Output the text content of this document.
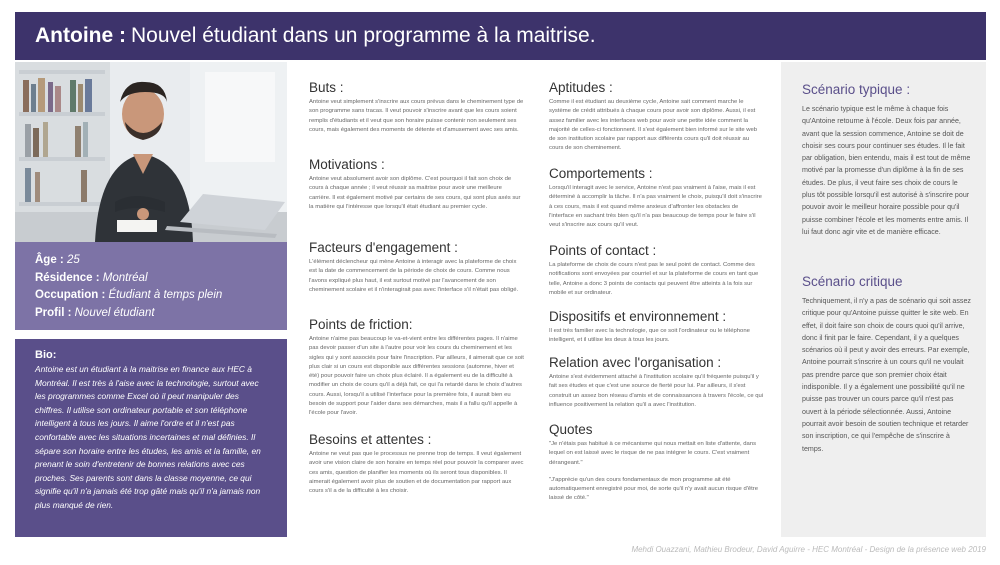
Antoine : Nouvel étudiant dans un programme à la maitrise.
Âge : 25
Résidence : Montréal
Occupation : Étudiant à temps plein
Profil : Nouvel étudiant
Bio:
Antoine est un étudiant à la maitrise en finance aux HEC à Montréal. Il est très à l'aise avec la technologie, surtout avec les programmes comme Excel où il peut manipuler des chiffres. Il utilise son ordinateur portable et son téléphone intelligent à tous les jours. Il aime l'ordre et il n'est pas confortable avec les situations incertaines et mal définies. Il sépare son horaire entre les études, les amis et la famille, en prenant le soin d'entretenir de bonnes relations avec ces proches. Ses parents sont dans la classe moyenne, ce qui signifie qu'il n'a jamais été trop gâté mais qu'il n'a jamais non plus manqué de rien.
Buts :

Antoine veut simplement s'inscrire aux cours prévus dans le cheminement type de son programme sans tracas. Il veut pouvoir s'inscrire avant que les cours soient remplis d'étudiants et il veut que son horaire puisse contenir non seulement ses cours, mais également des moments de détente et d'amusement avec ses amis.

Motivations :

Antoine veut absolument avoir son diplôme. C'est pourquoi il fait son choix de cours à chaque année ; il veut réussir sa maitrise pour avoir une meilleure carrière. Il est également motivé par certains de ses cours, qui sont plus axés sur la matière qui l'intéresse que lorsqu'il était étudiant au premier cycle.

Facteurs d'engagement :

L'élément déclencheur qui mène Antoine à interagir avec la plateforme de choix est la date de commencement de la période de choix de cours. Comme nous l'avons expliqué plus haut, il est surtout motivé par l'avancement de son cheminement scolaire et il n'interagirait pas avec l'interface s'il n'était pas obligé.

Points de friction:

Antoine n'aime pas beaucoup le va-et-vient entre les différentes pages. Il n'aime pas devoir passer d'un site à l'autre pour voir les cours du cheminement et les sigles qui y sont associés pour faire l'inscription. Par ailleurs, il aimerait que ce soit plus clair si un cours est disponible aux différentes sessions (automne, hiver et été) pour pouvoir faire un choix plus éclairé. Il a également eu de la difficulté à modifier un choix de cours qu'il a déjà fait, ce qui l'a retardé dans le choix d'autres cours. Aussi, lorsqu'il a utilisé l'interface pour la première fois, il aurait bien eu besoin de support pour l'aider dans ses démarches, mais il a fallu qu'il appelle à l'école pour l'avoir.

Besoins et attentes :

Antoine ne veut pas que le processus ne prenne trop de temps. Il veut également avoir une vision claire de son horaire en temps réel pour pouvoir la comparer avec ces amis, question de planifier les moments où ils seront tous disponibles. Il aimerait également avoir plus de soutien et de documentation par rapport aux cours s'il a de la difficulté à les choisir.

Aptitudes :

Comme il est étudiant au deuxième cycle, Antoine sait comment marche le système de crédit attribués à chaque cours pour avoir son diplôme. Aussi, il est assez familier avec les interfaces web pour avoir une petite idée comment la majorité de celles-ci fonctionnent. Il s'est également bien informé sur le site web de son institution scolaire par rapport aux différents cours qu'il doit réussir au cours de son cheminement.

Comportements :

Lorsqu'il interagit avec le service, Antoine n'est pas vraiment à l'aise, mais il est déterminé à accomplir la tâche. Il n'a pas vraiment le choix, puisqu'il doit s'inscrire à ces cours, mais il est quand même anxieux d'affronter les obstacles de l'interface en sachant très bien qu'il n'a pas beaucoup de temps pour le faire s'il veut s'inscrire aux cours qu'il veut.

Points of contact :

La plateforme de choix de cours n'est pas le seul point de contact. Comme des notifications sont envoyées par courriel et sur la plateforme de cours en tant que telle, Antoine a donc 3 points de contacts qui peuvent être atteints à la fois sur mobile et sur ordinateur.

Dispositifs et environnement :

Il est très familier avec la technologie, que ce soit l'ordinateur ou le téléphone intelligent, et il utilise les deux à tous les jours.

Relation avec l'organisation :

Antoine s'est évidemment attaché à l'institution scolaire qu'il fréquente puisqu'il y fait ses études et que c'est une source de fierté pour lui. Par ailleurs, il s'est construit un assez bon réseau d'amis et de connaissances à travers l'école, ce qui influence positivement la relation qu'il a avec l'institution.

Quotes

"Je n'étais pas habitué à ce mécanisme qui nous mettait en liste d'attente, dans lequel on est laissé avec le risque de ne pas intégrer le cours. C'est vraiment dérangeant."

"J'apprécie qu'un des cours fondamentaux de mon programme ait été automatiquement enregistré pour moi, de sorte qu'il n'y avait aucun risque d'être laissé de côté."

Scénario typique :

Le scénario typique est le même à chaque fois qu'Antoine retourne à l'école. Deux fois par année, avant que la session commence, Antoine se doit de choisir ses cours pour continuer ses études. Il le fait par obligation, bien entendu, mais il est tout de même motivé par la promesse d'un diplôme à la fin de ses études. De plus, il veut faire ses choix de cours le plus tôt possible lorsqu'il est autorisé à s'inscrire pour pouvoir avoir le meilleur horaire possible pour qu'il puisse combiner l'école et les moments entre amis. Il lui faut donc agir vite et de manière efficace.

Scénario critique

Techniquement, il n'y a pas de scénario qui soit assez critique pour qu'Antoine puisse quitter le site web. En effet, il doit faire son choix de cours quoi qu'il arrive, donc il finit par le faire. Cependant, il y a quelques scénarios où il peut y avoir des erreurs. Par exemple, Antoine pourrait s'inscrire à un cours qu'il ne voulait pas prendre parce que son premier choix était indisponible. Il y a également une possibilité qu'il ne puisse pas trouver un cours parce qu'il n'est pas ouvert à la période sélectionnée. Aussi, Antoine pourrait avoir besoin de soutien technique et retarder son inscription, ce qui l'empêche de s'inscrire à temps.

Mehdi Ouazzani, Mathieu Brodeur, David Aguirre - HEC Montréal - Design de la présence web 2019
